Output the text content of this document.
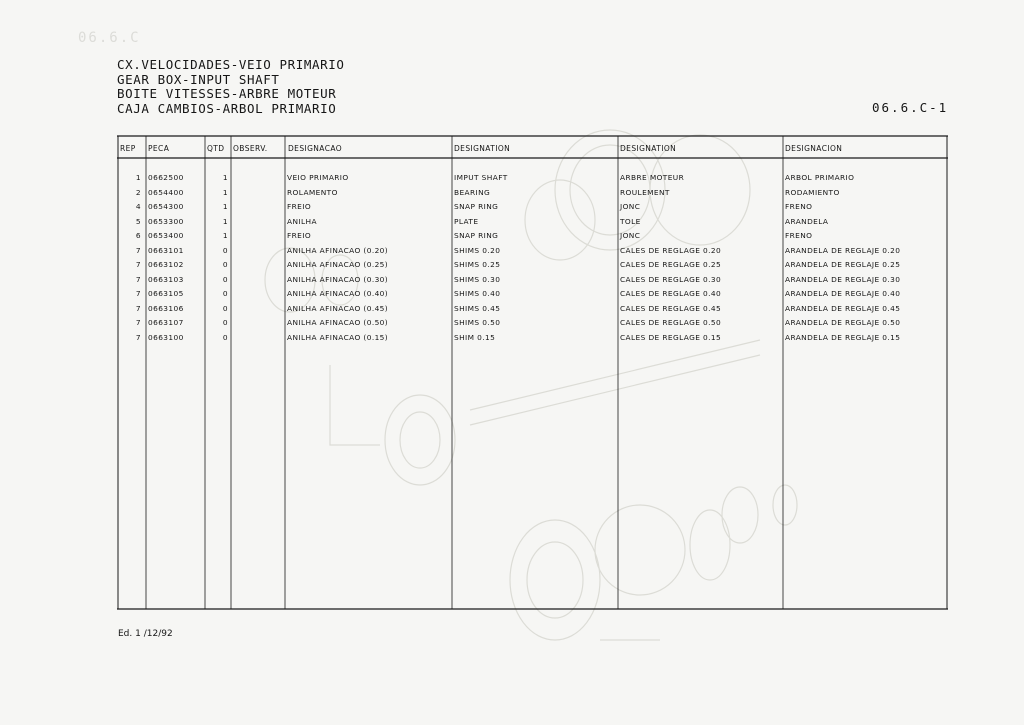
06.6.C
CX.VELOCIDADES-VEIO PRIMARIO
GEAR BOX-INPUT SHAFT
BOITE VITESSES-ARBRE MOTEUR
CAJA CAMBIOS-ARBOL PRIMARIO	06.6.C-1
REP PECA	QTD OBSERV.	DESIGNACAO	DESIGNATION	DESIGNATION	DESIGNACION
1 0662500	1	VEIO PRIMARIO	IMPUT SHAFT	ARBRE MOTEUR	ARBOL PRIMARIO
2 0654400	1	ROLAMENTO	BEARING	ROULEMENT	RODAMIENTO
4 0654300	1	FREIO	SNAP RING	JONC	FRENO
5 0653300	1	ANILHA	PLATE	TOLE	ARANDELA
6 0653400	1	FREIO	SNAP RING	JONC	FRENO
7 0663101	0	ANILHA AFINACAO (0.20)	SHIMS 0.20	CALES DE REGLAGE 0.20	ARANDELA DE REGLAJE 0.20
7 0663102	0	ANILHA AFINACAO (0.25)	SHIMS 0.25	CALES DE REGLAGE 0.25	ARANDELA DE REGLAJE 0.25
7 0663103	0	ANILHA AFINACAO (0.30)	SHIMS 0.30	CALES DE REGLAGE 0.30	ARANDELA DE REGLAJE 0.30
7 0663105	0	ANILHA AFINACAO (0.40)	SHIMS 0.40	CALES DE REGLAGE 0.40	ARANDELA DE REGLAJE 0.40
7 0663106	0	ANILHA AFINACAO (0.45)	SHIMS 0.45	CALES DE REGLAGE 0.45	ARANDELA DE REGLAJE 0.45
7 0663107	0	ANILHA AFINACAO (0.50)	SHIMS 0.50	CALES DE REGLAGE 0.50	ARANDELA DE REGLAJE 0.50
7 0663100	0	ANILHA AFINACAO (0.15)	SHIM 0.15	CALES DE REGLAGE 0.15	ARANDELA DE REGLAJE 0.15
Ed. 1 /12/92
